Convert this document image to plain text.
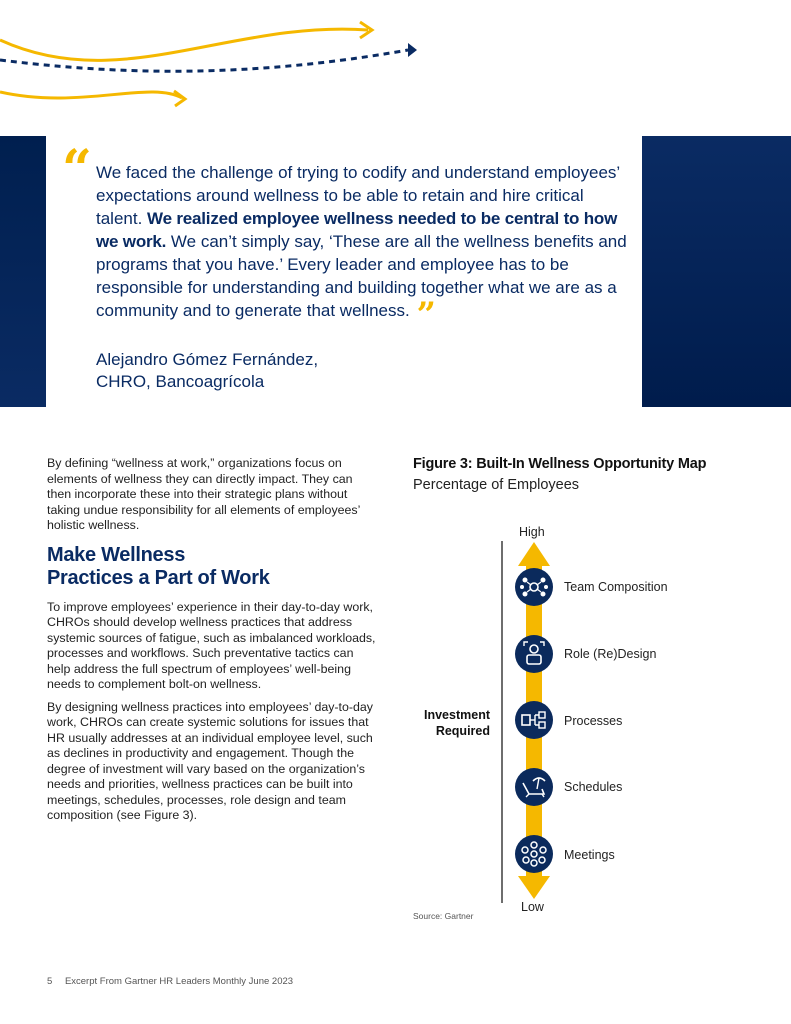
“ We faced the challenge of trying to codify and understand employees’ expectations around wellness to be able to retain and hire critical talent. We realized employee wellness needed to be central to how we work. We can’t simply say, ‘These are all the wellness benefits and programs that you have.’ Every leader and employee has to be responsible for understanding and building together what we are as a community and to generate that wellness. ”
Alejandro Gómez Fernández,
CHRO, Bancoagrícola

By defining “wellness at work,” organizations focus on elements of wellness they can directly impact. They can then incorporate these into their strategic plans without taking undue responsibility for all elements of employees’ holistic wellness.

Make Wellness
Practices a Part of Work

To improve employees’ experience in their day-to-day work, CHROs should develop wellness practices that address systemic sources of fatigue, such as imbalanced workloads, processes and workflows. Such preventative tactics can help address the full spectrum of employees’ well-being needs to complement bolt-on wellness.

By designing wellness practices into employees’ day-to-day work, CHROs can create systemic solutions for issues that HR usually addresses at an individual employee level, such as declines in productivity and engagement. Though the degree of investment will vary based on the organization’s needs and priorities, wellness practices can be built into meetings, schedules, processes, role design and team composition (see Figure 3).

Figure 3: Built-In Wellness Opportunity Map
Percentage of Employees
Investment
Required
High
Low
Team Composition
Role (Re)Design
Processes
Schedules
Meetings
Source: Gartner
5 Excerpt From Gartner HR Leaders Monthly June 2023
